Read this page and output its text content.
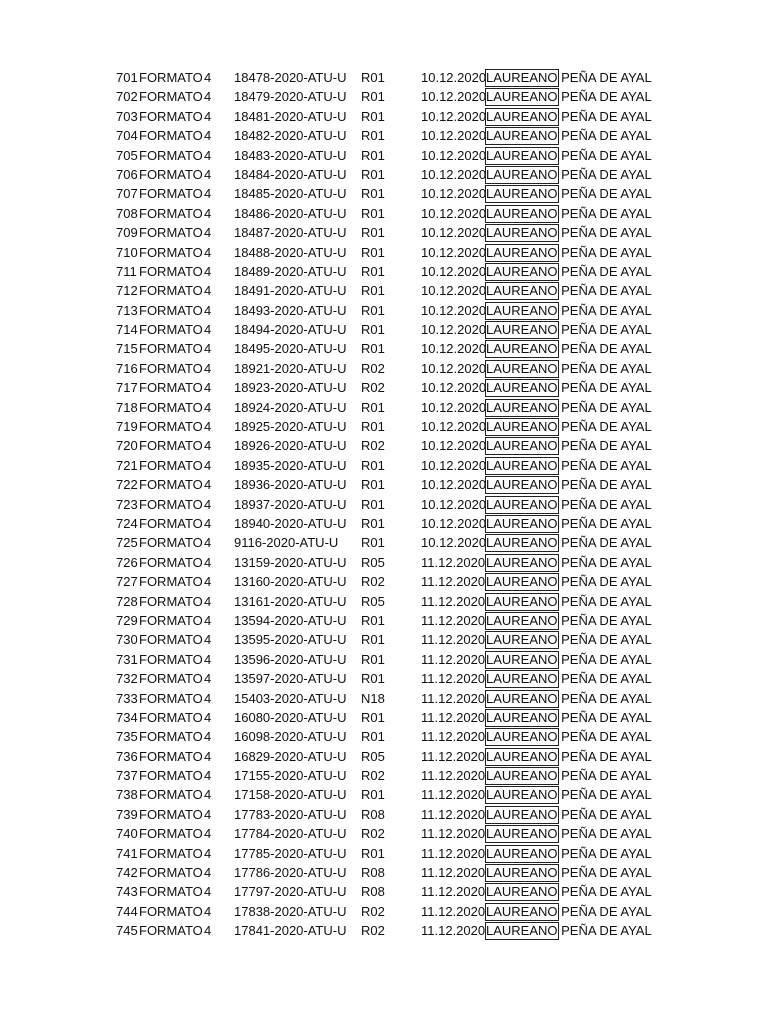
701 FORMATO 4 18478-2020-ATU-U R01	10.12.2020 LAUREANO PEÑA DE AYAL
702 FORMATO 4 18479-2020-ATU-U R01	10.12.2020 LAUREANO PEÑA DE AYAL
703 FORMATO 4 18481-2020-ATU-U R01	10.12.2020 LAUREANO PEÑA DE AYAL
704 FORMATO 4 18482-2020-ATU-U R01	10.12.2020 LAUREANO PEÑA DE AYAL
705 FORMATO 4 18483-2020-ATU-U R01	10.12.2020 LAUREANO PEÑA DE AYAL
706 FORMATO 4 18484-2020-ATU-U R01	10.12.2020 LAUREANO PEÑA DE AYAL
707 FORMATO 4 18485-2020-ATU-U R01	10.12.2020 LAUREANO PEÑA DE AYAL
708 FORMATO 4 18486-2020-ATU-U R01	10.12.2020 LAUREANO PEÑA DE AYAL
709 FORMATO 4 18487-2020-ATU-U R01	10.12.2020 LAUREANO PEÑA DE AYAL
710 FORMATO 4 18488-2020-ATU-U R01	10.12.2020 LAUREANO PEÑA DE AYAL
711 FORMATO 4 18489-2020-ATU-U R01	10.12.2020 LAUREANO PEÑA DE AYAL
712 FORMATO 4 18491-2020-ATU-U R01	10.12.2020 LAUREANO PEÑA DE AYAL
713 FORMATO 4 18493-2020-ATU-U R01	10.12.2020 LAUREANO PEÑA DE AYAL
714 FORMATO 4 18494-2020-ATU-U R01	10.12.2020 LAUREANO PEÑA DE AYAL
715 FORMATO 4 18495-2020-ATU-U R01	10.12.2020 LAUREANO PEÑA DE AYAL
716 FORMATO 4 18921-2020-ATU-U R02	10.12.2020 LAUREANO PEÑA DE AYAL
717 FORMATO 4 18923-2020-ATU-U R02	10.12.2020 LAUREANO PEÑA DE AYAL
718 FORMATO 4 18924-2020-ATU-U R01	10.12.2020 LAUREANO PEÑA DE AYAL
719 FORMATO 4 18925-2020-ATU-U R01	10.12.2020 LAUREANO PEÑA DE AYAL
720 FORMATO 4 18926-2020-ATU-U R02	10.12.2020 LAUREANO PEÑA DE AYAL
721 FORMATO 4 18935-2020-ATU-U R01	10.12.2020 LAUREANO PEÑA DE AYAL
722 FORMATO 4 18936-2020-ATU-U R01	10.12.2020 LAUREANO PEÑA DE AYAL
723 FORMATO 4 18937-2020-ATU-U R01	10.12.2020 LAUREANO PEÑA DE AYAL
724 FORMATO 4 18940-2020-ATU-U R01	10.12.2020 LAUREANO PEÑA DE AYAL
725 FORMATO 4 9116-2020-ATU-U R01	10.12.2020 LAUREANO PEÑA DE AYAL
726 FORMATO 4 13159-2020-ATU-U R05	11.12.2020 LAUREANO PEÑA DE AYAL
727 FORMATO 4 13160-2020-ATU-U R02	11.12.2020 LAUREANO PEÑA DE AYAL
728 FORMATO 4 13161-2020-ATU-U R05	11.12.2020 LAUREANO PEÑA DE AYAL
729 FORMATO 4 13594-2020-ATU-U R01	11.12.2020 LAUREANO PEÑA DE AYAL
730 FORMATO 4 13595-2020-ATU-U R01	11.12.2020 LAUREANO PEÑA DE AYAL
731 FORMATO 4 13596-2020-ATU-U R01	11.12.2020 LAUREANO PEÑA DE AYAL
732 FORMATO 4 13597-2020-ATU-U R01	11.12.2020 LAUREANO PEÑA DE AYAL
733 FORMATO 4 15403-2020-ATU-U N18	11.12.2020 LAUREANO PEÑA DE AYAL
734 FORMATO 4 16080-2020-ATU-U R01	11.12.2020 LAUREANO PEÑA DE AYAL
735 FORMATO 4 16098-2020-ATU-U R01	11.12.2020 LAUREANO PEÑA DE AYAL
736 FORMATO 4 16829-2020-ATU-U R05	11.12.2020 LAUREANO PEÑA DE AYAL
737 FORMATO 4 17155-2020-ATU-U R02	11.12.2020 LAUREANO PEÑA DE AYAL
738 FORMATO 4 17158-2020-ATU-U R01	11.12.2020 LAUREANO PEÑA DE AYAL
739 FORMATO 4 17783-2020-ATU-U R08	11.12.2020 LAUREANO PEÑA DE AYAL
740 FORMATO 4 17784-2020-ATU-U R02	11.12.2020 LAUREANO PEÑA DE AYAL
741 FORMATO 4 17785-2020-ATU-U R01	11.12.2020 LAUREANO PEÑA DE AYAL
742 FORMATO 4 17786-2020-ATU-U R08	11.12.2020 LAUREANO PEÑA DE AYAL
743 FORMATO 4 17797-2020-ATU-U R08	11.12.2020 LAUREANO PEÑA DE AYAL
744 FORMATO 4 17838-2020-ATU-U R02	11.12.2020 LAUREANO PEÑA DE AYAL
745 FORMATO 4 17841-2020-ATU-U R02	11.12.2020 LAUREANO PEÑA DE AYAL
